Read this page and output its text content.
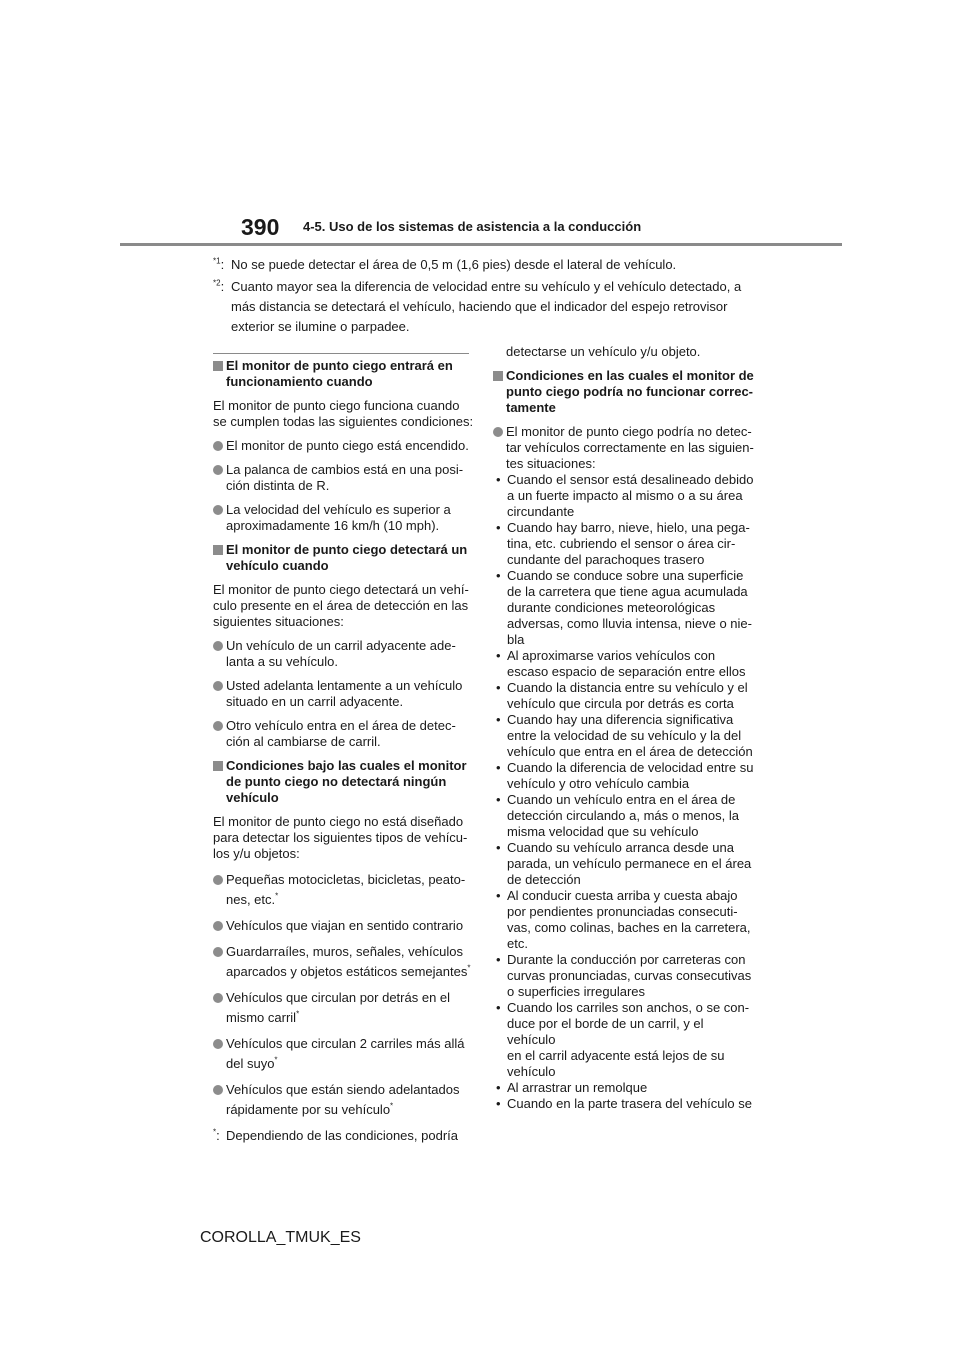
390 4-5. Uso de los sistemas de asistencia a la conducción
$^{*1}$: No se puede detectar el área de 0,5 m (1,6 pies) desde el lateral de vehículo.
$^{*2}$: Cuanto mayor sea la diferencia de velocidad entre su vehículo y el vehículo detectado, a
más distancia se detectará el vehículo, haciendo que el indicador del espejo retrovisor
exterior se ilumine o parpadee.
El monitor de punto ciego entrará en
funcionamiento cuando
El monitor de punto ciego funciona cuando
se cumplen todas las siguientes condiciones:
El monitor de punto ciego está encendido.
La palanca de cambios está en una posi-
ción distinta de R.
La velocidad del vehículo es superior a
aproximadamente 16 km/h (10 mph).
El monitor de punto ciego detectará un
vehículo cuando
El monitor de punto ciego detectará un vehí-
culo presente en el área de detección en las
siguientes situaciones:
Un vehículo de un carril adyacente ade-
lanta a su vehículo.
Usted adelanta lentamente a un vehículo
situado en un carril adyacente.
Otro vehículo entra en el área de detec-
ción al cambiarse de carril.
Condiciones bajo las cuales el monitor
de punto ciego no detectará ningún
vehículo
El monitor de punto ciego no está diseñado
para detectar los siguientes tipos de vehícu-
los y/u objetos:
Pequeñas motocicletas, bicicletas, peato-
nes, etc.*
Vehículos que viajan en sentido contrario
Guardarraíles, muros, señales, vehículos
aparcados y objetos estáticos semejantes*
Vehículos que circulan por detrás en el
mismo carril*
Vehículos que circulan 2 carriles más allá
del suyo*
Vehículos que están siendo adelantados
rápidamente por su vehículo*
*: Dependiendo de las condiciones, podría
detectarse un vehículo y/u objeto.
Condiciones en las cuales el monitor de
punto ciego podría no funcionar correc-
tamente
El monitor de punto ciego podría no detec-
tar vehículos correctamente en las siguien-
tes situaciones:
• Cuando el sensor está desalineado debido
a un fuerte impacto al mismo o a su área
circundante
• Cuando hay barro, nieve, hielo, una pega-
tina, etc. cubriendo el sensor o área cir-
cundante del parachoques trasero
• Cuando se conduce sobre una superficie
de la carretera que tiene agua acumulada
durante condiciones meteorológicas
adversas, como lluvia intensa, nieve o nie-
bla
• Al aproximarse varios vehículos con
escaso espacio de separación entre ellos
• Cuando la distancia entre su vehículo y el
vehículo que circula por detrás es corta
• Cuando hay una diferencia significativa
entre la velocidad de su vehículo y la del
vehículo que entra en el área de detección
• Cuando la diferencia de velocidad entre su
vehículo y otro vehículo cambia
• Cuando un vehículo entra en el área de
detección circulando a, más o menos, la
misma velocidad que su vehículo
• Cuando su vehículo arranca desde una
parada, un vehículo permanece en el área
de detección
• Al conducir cuesta arriba y cuesta abajo
por pendientes pronunciadas consecuti-
vas, como colinas, baches en la carretera,
etc.
• Durante la conducción por carreteras con
curvas pronunciadas, curvas consecutivas
o superficies irregulares
• Cuando los carriles son anchos, o se con-
duce por el borde de un carril, y el vehículo
en el carril adyacente está lejos de su
vehículo
• Al arrastrar un remolque
• Cuando en la parte trasera del vehículo se
COROLLA_TMUK_ES
